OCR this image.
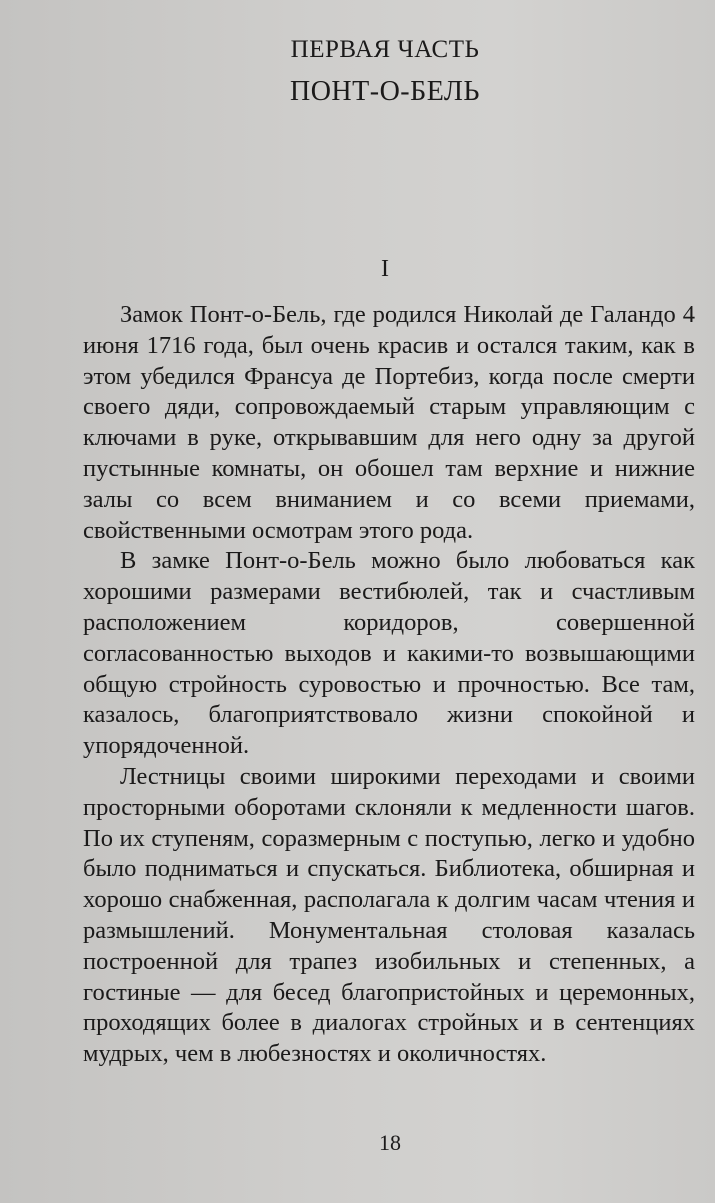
ПЕРВАЯ ЧАСТЬ
ПОНТ-О-БЕЛЬ
I

Замок Понт-о-Бель, где родился Николай де Галандо 4 июня 1716 года, был очень красив и остался таким, как в этом убедился Франсуа де Портебиз, когда после смерти своего дяди, сопровождаемый старым управляющим с ключами в руке, открывавшим для него одну за другой пустынные комнаты, он обошел там верхние и нижние залы со всем вниманием и со всеми приемами, свойственными осмотрам этого рода.

В замке Понт-о-Бель можно было любоваться как хорошими размерами вестибюлей, так и счастливым расположением коридоров, совершенной согласованностью выходов и какими-то возвышающими общую стройность суровостью и прочностью. Все там, казалось, благоприятствовало жизни спокойной и упорядоченной.

Лестницы своими широкими переходами и своими просторными оборотами склоняли к медленности шагов. По их ступеням, соразмерным с поступью, легко и удобно было подниматься и спускаться. Библиотека, обширная и хорошо снабженная, располагала к долгим часам чтения и размышлений. Монументальная столовая казалась построенной для трапез изобильных и степенных, а гостиные — для бесед благопристойных и церемонных, проходящих более в диалогах стройных и в сентенциях мудрых, чем в любезностях и околичностях.

18
